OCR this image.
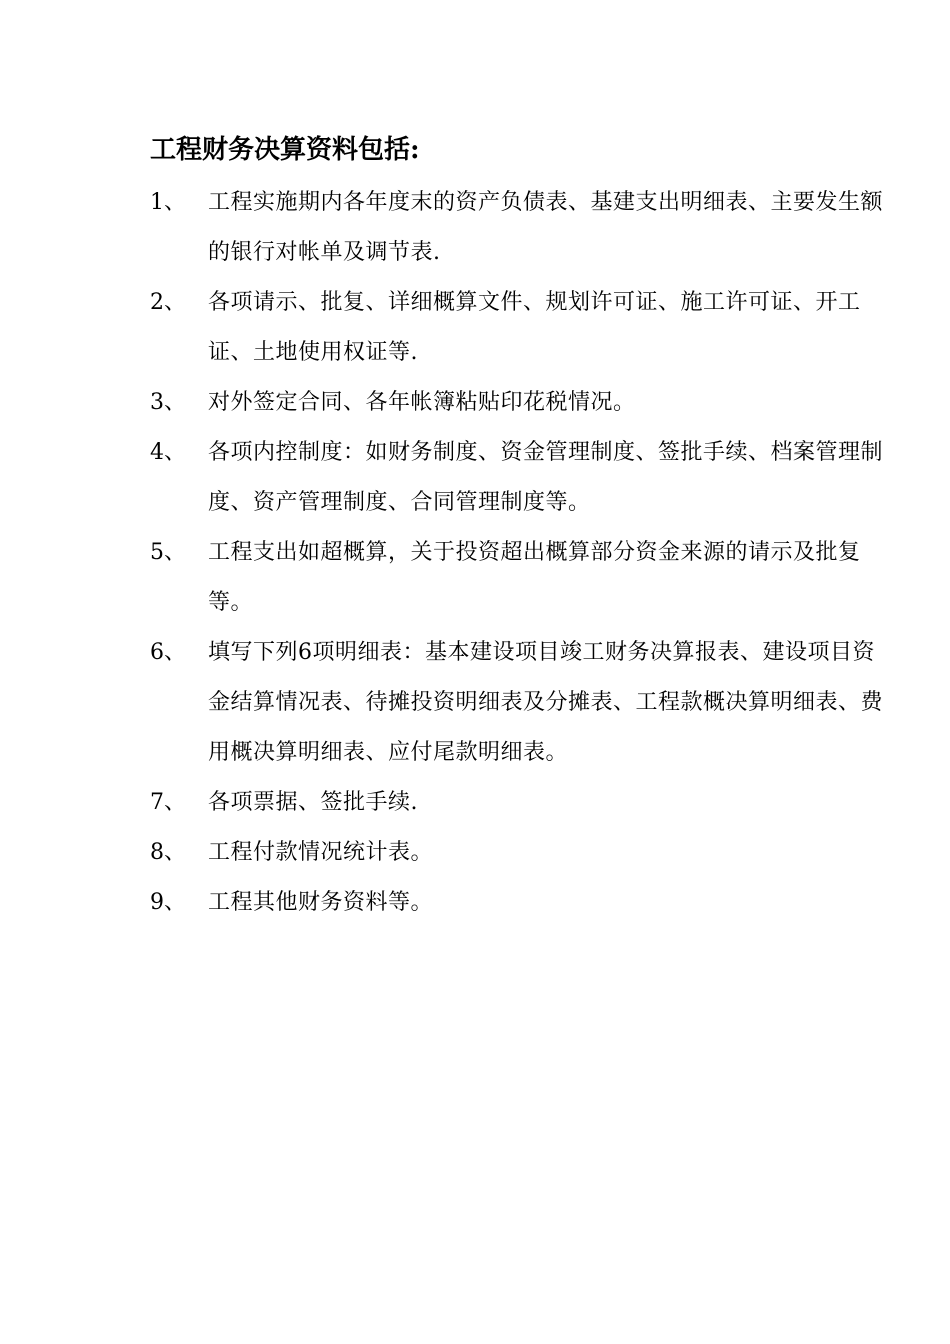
工程财务决算资料包括:
1、	工程实施期内各年度末的资产负债表、基建支出明细表、主要发生额的银行对帐单及调节表.
2、	各项请示、批复、详细概算文件、规划许可证、施工许可证、开工证、土地使用权证等.
3、	对外签定合同、各年帐簿粘贴印花税情况。
4、	各项内控制度：如财务制度、资金管理制度、签批手续、档案管理制度、资产管理制度、合同管理制度等。
5、	工程支出如超概算，关于投资超出概算部分资金来源的请示及批复等。
6、	填写下列6项明细表：基本建设项目竣工财务决算报表、建设项目资金结算情况表、待摊投资明细表及分摊表、工程款概决算明细表、费用概决算明细表、应付尾款明细表。
7、	各项票据、签批手续.
8、	工程付款情况统计表。
9、	工程其他财务资料等。
